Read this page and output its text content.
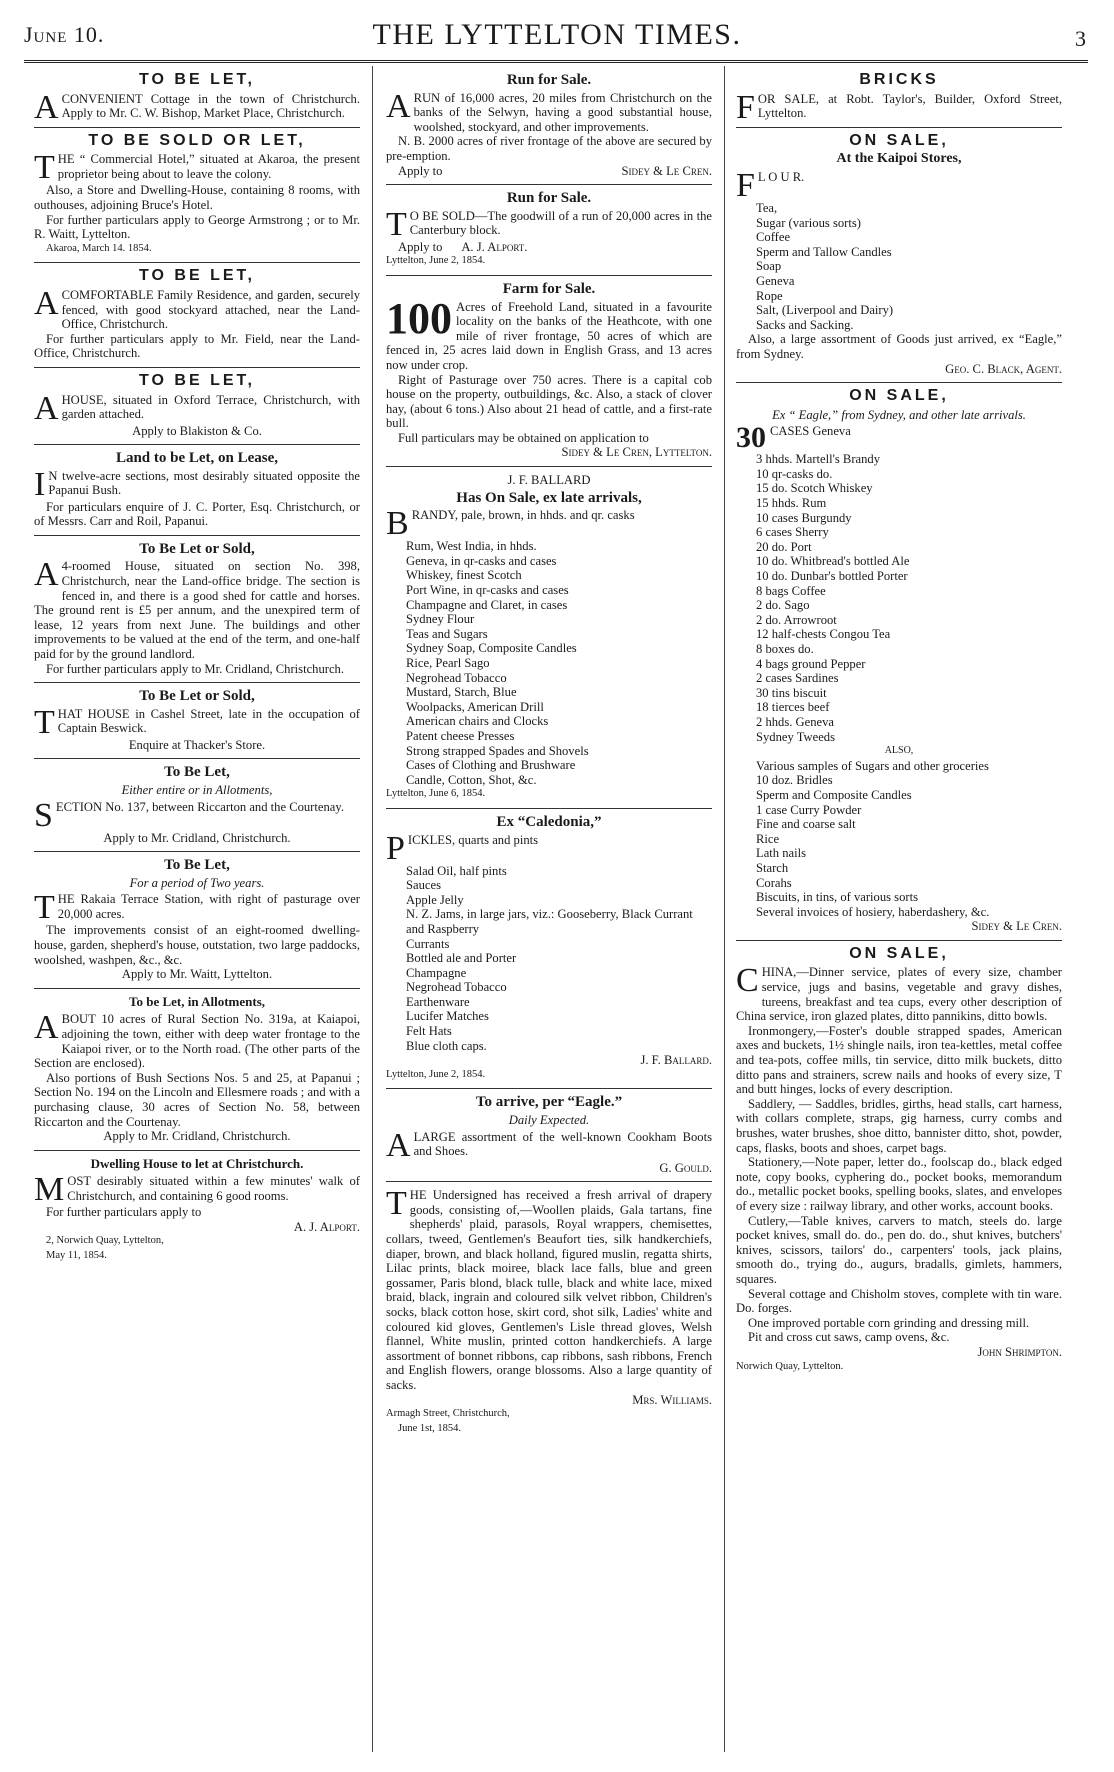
June 10.	THE LYTTELTON TIMES.	3
TO BE LET,

A CONVENIENT Cottage in the town of Christchurch. Apply to Mr. C. W. Bishop, Market Place, Christchurch.

TO BE SOLD OR LET,

THE “ Commercial Hotel,” situated at Akaroa, the present proprietor being about to leave the colony.

Also, a Store and Dwelling-House, containing 8 rooms, with outhouses, adjoining Bruce's Hotel.

For further particulars apply to George Armstrong ; or to Mr. R. Waitt, Lyttelton.

Akaroa, March 14. 1854.

TO BE LET,

A COMFORTABLE Family Residence, and garden, securely fenced, with good stockyard attached, near the Land-Office, Christchurch.

For further particulars apply to Mr. Field, near the Land-Office, Christchurch.

TO BE LET,

A HOUSE, situated in Oxford Terrace, Christchurch, with garden attached.

Apply to Blakiston & Co.

Land to be Let, on Lease,

I N twelve-acre sections, most desirably situated opposite the Papanui Bush.

For particulars enquire of J. C. Porter, Esq. Christchurch, or of Messrs. Carr and Roil, Papanui.

To Be Let or Sold,

A 4-roomed House, situated on section No. 398, Christchurch, near the Land-office bridge. The section is fenced in, and there is a good shed for cattle and horses. The ground rent is £5 per annum, and the unexpired term of lease, 12 years from next June. The buildings and other improvements to be valued at the end of the term, and one-half paid for by the ground landlord.

For further particulars apply to Mr. Cridland, Christchurch.

To Be Let or Sold,

THAT HOUSE in Cashel Street, late in the occupation of Captain Beswick.

Enquire at Thacker's Store.

To Be Let,
Either entire or in Allotments,

SECTION No. 137, between Riccarton and the Courtenay.

Apply to Mr. Cridland, Christchurch.

To Be Let,
For a period of Two years.

THE Rakaia Terrace Station, with right of pasturage over 20,000 acres.

The improvements consist of an eight-roomed dwelling-house, garden, shepherd's house, outstation, two large paddocks, woolshed, washpen, &c., &c.

Apply to Mr. Waitt, Lyttelton.

To be Let, in Allotments,

ABOUT 10 acres of Rural Section No. 319a, at Kaiapoi, adjoining the town, either with deep water frontage to the Kaiapoi river, or to the North road. (The other parts of the Section are enclosed).

Also portions of Bush Sections Nos. 5 and 25, at Papanui ; Section No. 194 on the Lincoln and Ellesmere roads ; and with a purchasing clause, 30 acres of Section No. 58, between Riccarton and the Courtenay.

Apply to Mr. Cridland, Christchurch.

Dwelling House to let at Christchurch.

MOST desirably situated within a few minutes' walk of Christchurch, and containing 6 good rooms.

For further particulars apply to

A. J. Alport.

2, Norwich Quay, Lyttelton,

May 11, 1854.

Run for Sale.

A RUN of 16,000 acres, 20 miles from Christchurch on the banks of the Selwyn, having a good substantial house, woolshed, stockyard, and other improvements.

N. B. 2000 acres of river frontage of the above are secured by pre-emption.

Apply to	Sidey & Le Cren.

Run for Sale.

T O BE SOLD—The goodwill of a run of 20,000 acres in the Canterbury block.

Apply to A. J. Alport.

Lyttelton, June 2, 1854.

Farm for Sale.

100 Acres of Freehold Land, situated in a favourite locality on the banks of the Heathcote, with one mile of river frontage, 50 acres of which are fenced in, 25 acres laid down in English Grass, and 13 acres now under crop.

Right of Pasturage over 750 acres. There is a capital cob house on the property, outbuildings, &c. Also, a stack of clover hay, (about 6 tons.) Also about 21 head of cattle, and a first-rate bull.

Full particulars may be obtained on application to

Sidey & Le Cren, Lyttelton.

J. F. BALLARD

Has On Sale, ex late arrivals,

BRANDY, pale, brown, in hhds. and qr. casks

Rum, West India, in hhds.
Geneva, in qr-casks and cases
Whiskey, finest Scotch
Port Wine, in qr-casks and cases
Champagne and Claret, in cases
Sydney Flour
Teas and Sugars
Sydney Soap, Composite Candles
Rice, Pearl Sago
Negrohead Tobacco
Mustard, Starch, Blue
Woolpacks, American Drill
American chairs and Clocks
Patent cheese Presses
Strong strapped Spades and Shovels
Cases of Clothing and Brushware
Candle, Cotton, Shot, &c.

Lyttelton, June 6, 1854.

Ex “Caledonia,”

PICKLES, quarts and pints

Salad Oil, half pints
Sauces
Apple Jelly
N. Z. Jams, in large jars, viz.: Gooseberry, Black Currant and Raspberry
Currants
Bottled ale and Porter
Champagne
Negrohead Tobacco
Earthenware
Lucifer Matches
Felt Hats
Blue cloth caps.

J. F. Ballard.

Lyttelton, June 2, 1854.

To arrive, per “Eagle.”
Daily Expected.

A LARGE assortment of the well-known Cookham Boots and Shoes.

G. Gould.

THE Undersigned has received a fresh arrival of drapery goods, consisting of,—Woollen plaids, Gala tartans, fine shepherds' plaid, parasols, Royal wrappers, chemisettes, collars, tweed, Gentlemen's Beaufort ties, silk handkerchiefs, diaper, brown, and black holland, figured muslin, regatta shirts, Lilac prints, black moiree, black lace falls, blue and green gossamer, Paris blond, black tulle, black and white lace, mixed braid, black, ingrain and coloured silk velvet ribbon, Children's socks, black cotton hose, skirt cord, shot silk, Ladies' white and coloured kid gloves, Gentlemen's Lisle thread gloves, Welsh flannel, White muslin, printed cotton handkerchiefs. A large assortment of bonnet ribbons, cap ribbons, sash ribbons, French and English flowers, orange blossoms. Also a large quantity of sacks.

Mrs. Williams.

Armagh Street, Christchurch,

June 1st, 1854.

BRICKS

FOR SALE, at Robt. Taylor's, Builder, Oxford Street, Lyttelton.

ON SALE,
At the Kaipoi Stores,

F L O U R.

Tea,
Sugar (various sorts)
Coffee
Sperm and Tallow Candles
Soap
Geneva
Rope
Salt, (Liverpool and Dairy)
Sacks and Sacking.

Also, a large assortment of Goods just arrived, ex “Eagle,” from Sydney.

Geo. C. Black, Agent.

ON SALE,
Ex “ Eagle,” from Sydney, and other late arrivals.

30 CASES Geneva

3 hhds. Martell's Brandy
10 qr-casks do.
15 do. Scotch Whiskey
15 hhds. Rum
10 cases Burgundy
6 cases Sherry
20 do. Port
10 do. Whitbread's bottled Ale
10 do. Dunbar's bottled Porter
8 bags Coffee
2 do. Sago
2 do. Arrowroot
12 half-chests Congou Tea
8 boxes do.
4 bags ground Pepper
2 cases Sardines
30 tins biscuit
18 tierces beef
2 hhds. Geneva
Sydney Tweeds

ALSO,

Various samples of Sugars and other groceries
10 doz. Bridles
Sperm and Composite Candles
1 case Curry Powder
Fine and coarse salt
Rice
Lath nails
Starch
Corahs
Biscuits, in tins, of various sorts
Several invoices of hosiery, haberdashery, &c.

Sidey & Le Cren.

ON SALE,

CHINA,—Dinner service, plates of every size, chamber service, jugs and basins, vegetable and gravy dishes, tureens, breakfast and tea cups, every other description of China service, iron glazed plates, ditto pannikins, ditto bowls.

Ironmongery,—Foster's double strapped spades, American axes and buckets, 1½ shingle nails, iron tea-kettles, metal coffee and tea-pots, coffee mills, tin service, ditto milk buckets, ditto ditto pans and strainers, screw nails and hooks of every size, T and butt hinges, locks of every description.

Saddlery, — Saddles, bridles, girths, head stalls, cart harness, with collars complete, straps, gig harness, curry combs and brushes, water brushes, shoe ditto, bannister ditto, shot, powder, caps, flasks, boots and shoes, carpet bags.

Stationery,—Note paper, letter do., foolscap do., black edged note, copy books, cyphering do., pocket books, memorandum do., metallic pocket books, spelling books, slates, and envelopes of every size : railway library, and other works, account books.

Cutlery,—Table knives, carvers to match, steels do. large pocket knives, small do. do., pen do. do., shut knives, butchers' knives, scissors, tailors' do., carpenters' tools, jack plains, smooth do., trying do., augurs, bradalls, gimlets, hammers, squares.

Several cottage and Chisholm stoves, complete with tin ware. Do. forges.

One improved portable corn grinding and dressing mill.

Pit and cross cut saws, camp ovens, &c.

John Shrimpton.

Norwich Quay, Lyttelton.
